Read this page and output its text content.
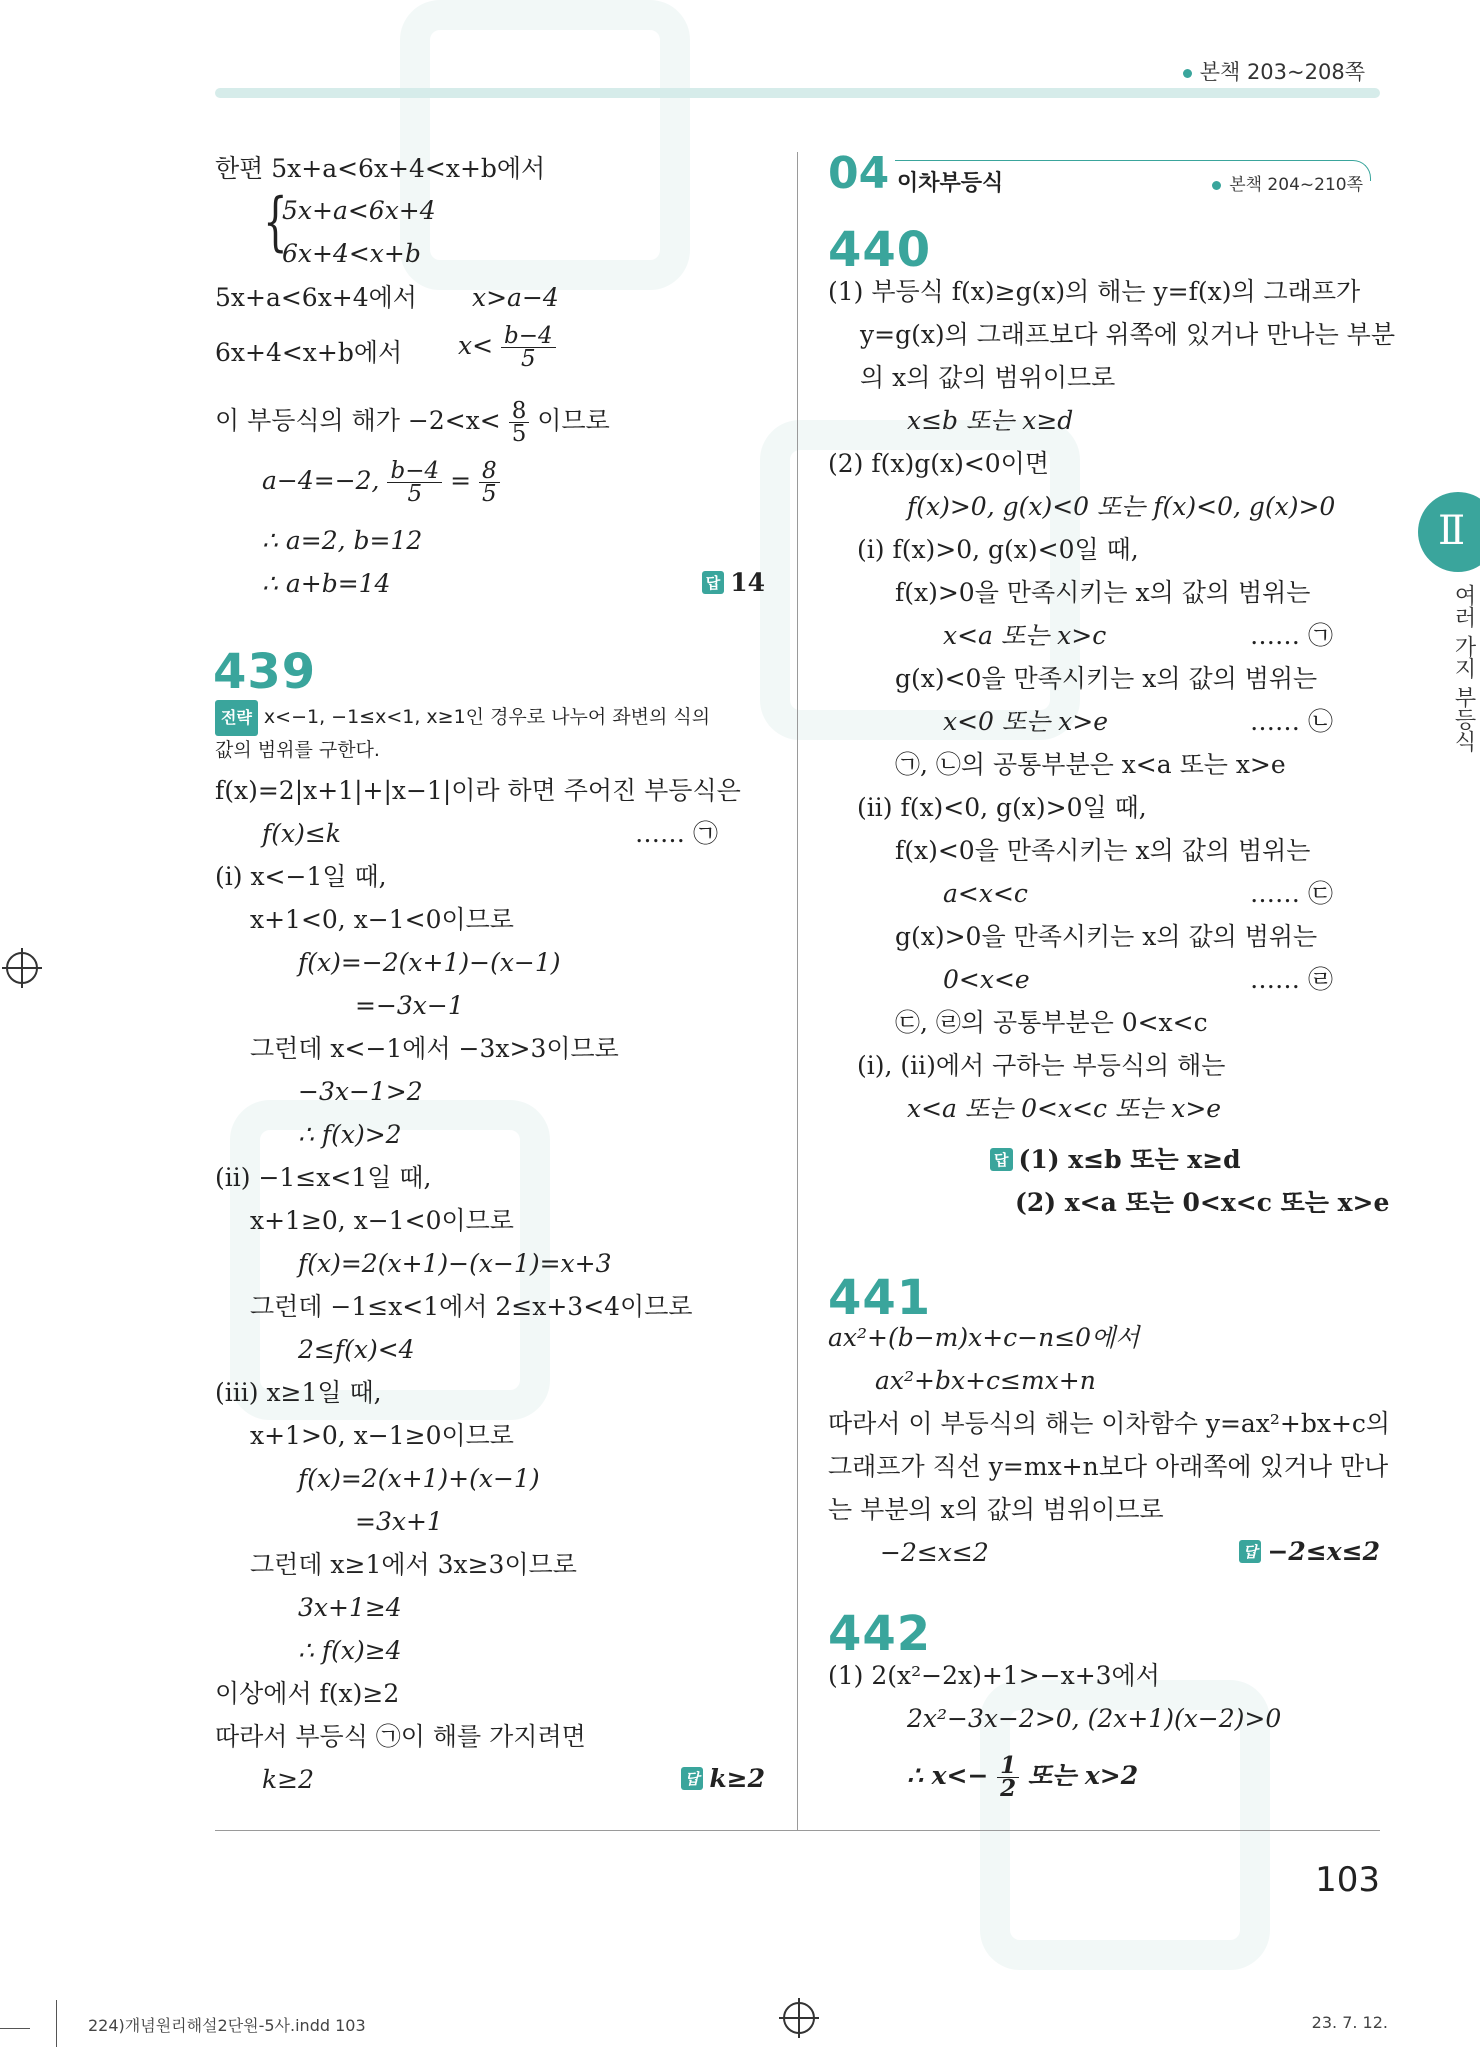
본책 203~208쪽
한편 5x+a<6x+4<x+b에서
{
5x+a<6x+4
6x+4<x+b
5x+a<6x+4에서 x>a−4
6x+4<x+b에서 $x< \frac{b-4}{5}$
이 부등식의 해가 $-2<x< \frac{8}{5}$ 이므로
a−4=−2, $\frac{b-4}{5} = \frac{8}{5}$
∴ a=2, b=12
∴ a+b=14	답 14
439
전략 x<−1, −1≤x<1, x≥1인 경우로 나누어 좌변의 식의
값의 범위를 구한다.
f(x)=2|x+1|+|x−1|이라 하면 주어진 부등식은
f(x)≤k	…… ㉠
(i) x<−1일 때,
x+1<0, x−1<0이므로
f(x)=−2(x+1)−(x−1)
=−3x−1
그런데 x<−1에서 −3x>3이므로
−3x−1>2
∴ f(x)>2
(ii) −1≤x<1일 때,
x+1≥0, x−1<0이므로
f(x)=2(x+1)−(x−1)=x+3
그런데 −1≤x<1에서 2≤x+3<4이므로
2≤f(x)<4
(iii) x≥1일 때,
x+1>0, x−1≥0이므로
f(x)=2(x+1)+(x−1)
=3x+1
그런데 x≥1에서 3x≥3이므로
3x+1≥4
∴ f(x)≥4
이상에서 f(x)≥2
따라서 부등식 ㉠이 해를 가지려면
k≥2	답 k≥2
04 이차부등식	본책 204~210쪽
440
(1) 부등식 f(x)≥g(x)의 해는 y=f(x)의 그래프가
y=g(x)의 그래프보다 위쪽에 있거나 만나는 부분
의 x의 값의 범위이므로
x≤b 또는 x≥d
(2) f(x)g(x)<0이면
f(x)>0, g(x)<0 또는 f(x)<0, g(x)>0
(i) f(x)>0, g(x)<0일 때,
f(x)>0을 만족시키는 x의 값의 범위는
x<a 또는 x>c	…… ㉠
g(x)<0을 만족시키는 x의 값의 범위는
x<0 또는 x>e	…… ㉡
㉠, ㉡의 공통부분은 x<a 또는 x>e
(ii) f(x)<0, g(x)>0일 때,
f(x)<0을 만족시키는 x의 값의 범위는
a<x<c	…… ㉢
g(x)>0을 만족시키는 x의 값의 범위는
0<x<e	…… ㉣
㉢, ㉣의 공통부분은 0<x<c
(i), (ii)에서 구하는 부등식의 해는
x<a 또는 0<x<c 또는 x>e
답 (1) x≤b 또는 x≥d
(2) x<a 또는 0<x<c 또는 x>e
441
ax²+(b−m)x+c−n≤0에서
ax²+bx+c≤mx+n
따라서 이 부등식의 해는 이차함수 y=ax²+bx+c의
그래프가 직선 y=mx+n보다 아래쪽에 있거나 만나
는 부분의 x의 값의 범위이므로
−2≤x≤2	답 −2≤x≤2
442
(1) 2(x²−2x)+1>−x+3에서
2x²−3x−2>0, (2x+1)(x−2)>0
∴ $x<- \frac{1}{2}$ 또는 x>2
Ⅱ
여러 가지 부등식
103
224)개념원리해설2단원-5사.indd 103	23. 7. 12.
